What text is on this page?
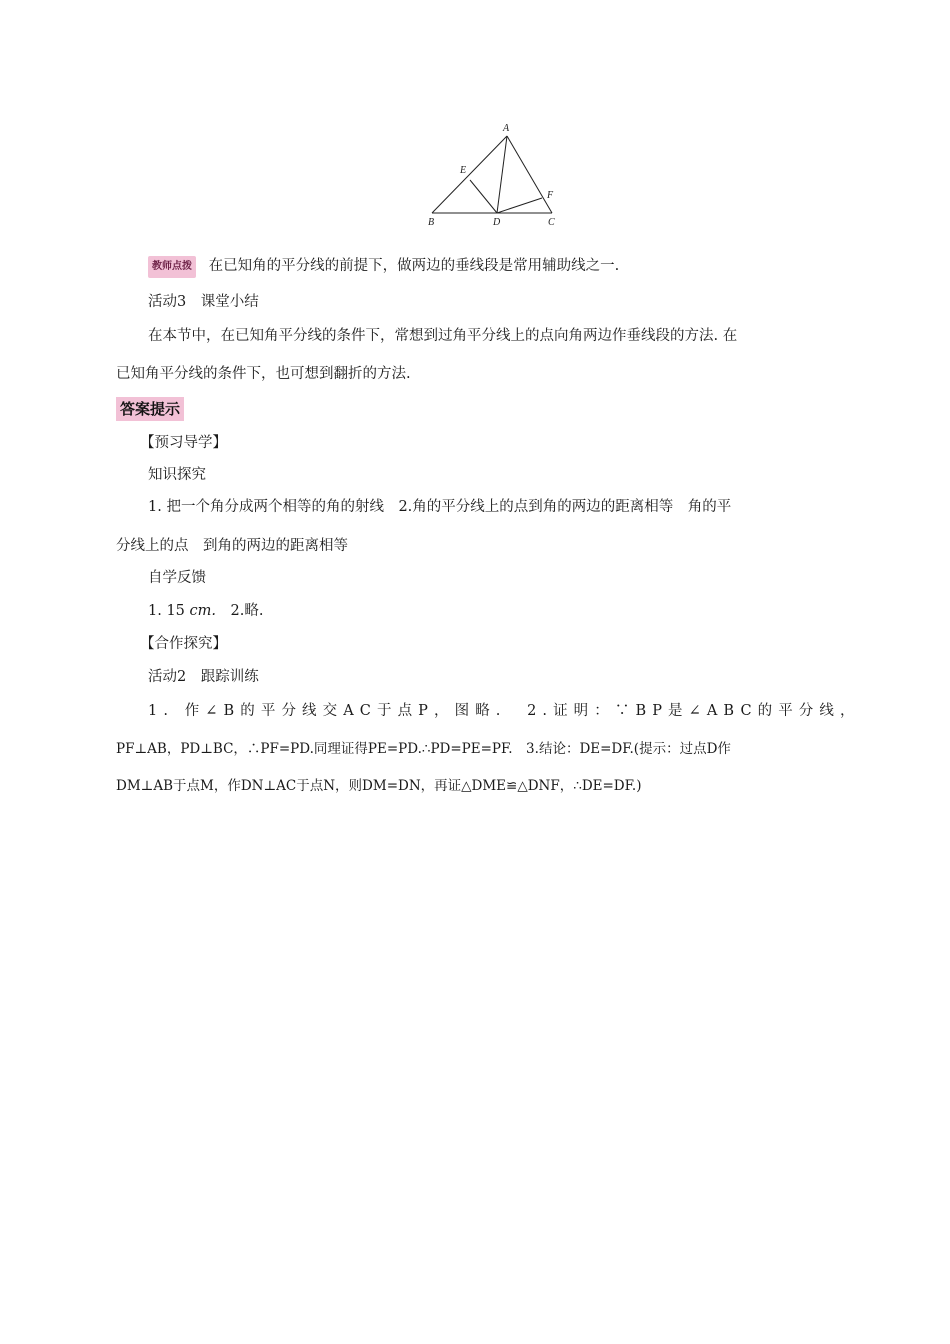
A
B	C
D
E
F
教师点拨 在已知角的平分线的前提下，做两边的垂线段是常用辅助线之一.
活动3　课堂小结
在本节中，在已知角平分线的条件下，常想到过角平分线上的点向角两边作垂线段的方法. 在
已知角平分线的条件下，也可想到翻折的方法.
答案提示
【预习导学】
知识探究
1. 把一个角分成两个相等的角的射线　2.角的平分线上的点到角的两边的距离相等　角的平
分线上的点　到角的两边的距离相等
自学反馈
1. 15 cm.　2.略.
【合作探究】
活动2　跟踪训练
1. 作∠B的平分线交AC于点P，图略.　2.证明：∵BP是∠ABC的平分线，
PF⊥AB，PD⊥BC，∴PF=PD.同理证得PE=PD.∴PD=PE=PF.　3.结论：DE=DF.(提示：过点D作
DM⊥AB于点M，作DN⊥AC于点N，则DM=DN，再证△DME≌△DNF，∴DE=DF.)
